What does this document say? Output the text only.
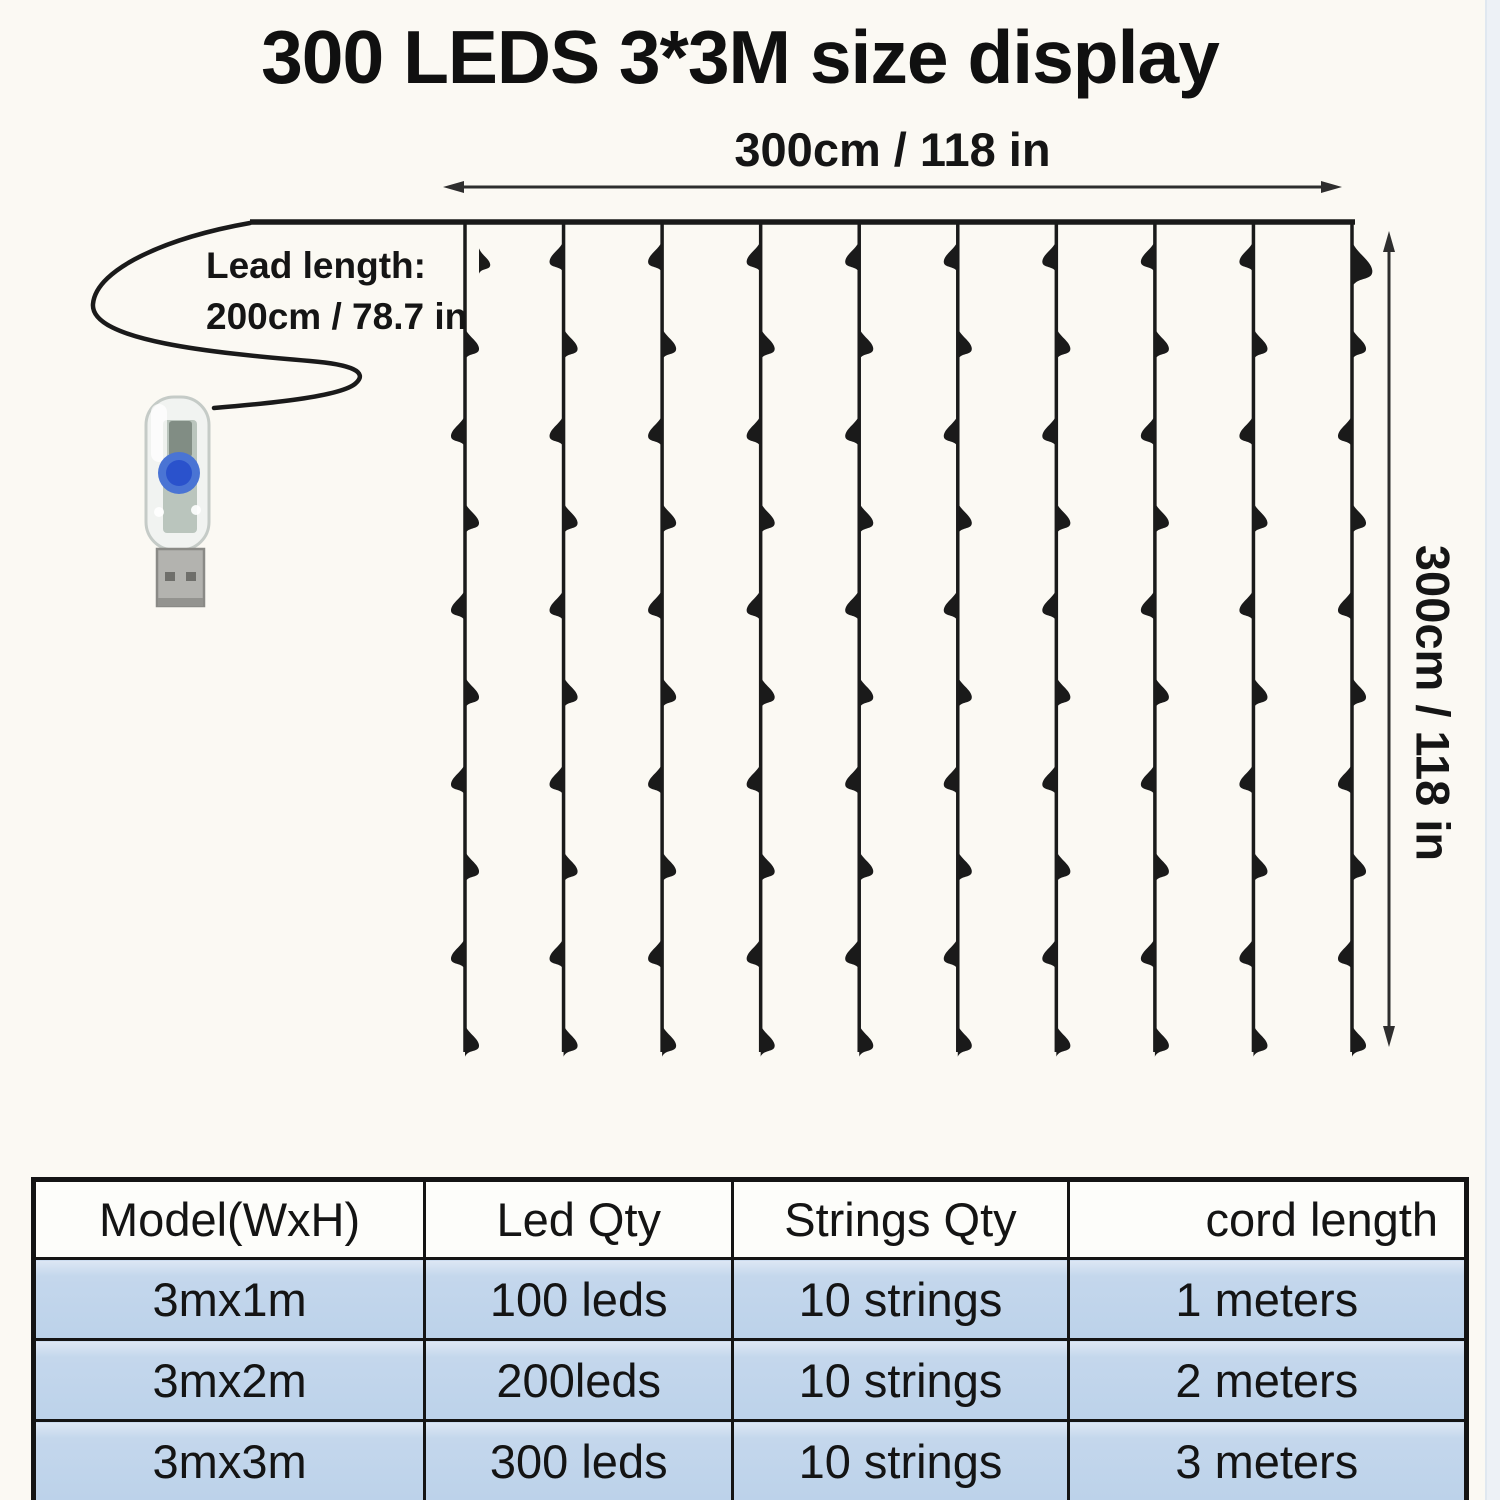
300 LEDS 3*3M size display
300cm / 118 in
300cm / 118 in
Lead length:
200cm / 78.7 in
Model(WxH)	Led Qty	Strings Qty	cord length
3mx1m	100 leds	10 strings	1 meters
3mx2m	200leds	10 strings	2 meters
3mx3m	300 leds	10 strings	3 meters
